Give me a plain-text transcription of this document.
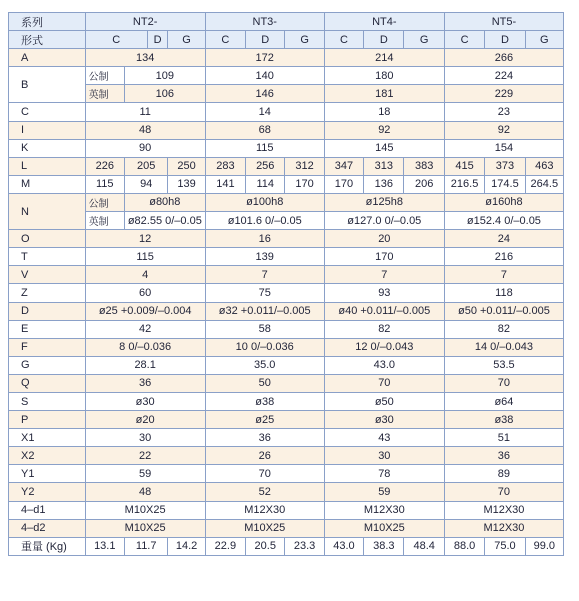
系列	NT2-				NT3-			NT4-			NT5-		
形式	C		D	G	C	D	G	C	D	G	C	D	G
A	134				172			214			266		
B	公制	109			140			180			224		
	英制	106			146			181			229		
C	11				14			18			23		
I	48				68			92			92		
K	90				115			145			154		
L	226	205		250	283	256	312	347	313	383	415	373	463
M	115	94		139	141	114	170	170	136	206	216.5	174.5	264.5
N	公制	ø80h8			ø100h8			ø125h8			ø160h8		
	英制	ø82.55 0/–0.05			ø101.6 0/–0.05			ø127.0 0/–0.05			ø152.4 0/–0.05		
O	12				16			20			24		
T	115				139			170			216		
V	4				7			7			7		
Z	60				75			93			118		
D	ø25 +0.009/–0.004				ø32 +0.011/–0.005			ø40 +0.011/–0.005			ø50 +0.011/–0.005		
E	42				58			82			82		
F	8 0/–0.036				10 0/–0.036			12 0/–0.043			14 0/–0.043		
G	28.1				35.0			43.0			53.5		
Q	36				50			70			70		
S	ø30				ø38			ø50			ø64		
P	ø20				ø25			ø30			ø38		
X1	30				36			43			51		
X2	22				26			30			36		
Y1	59				70			78			89		
Y2	48				52			59			70		
4–d1	M10X25				M12X30			M12X30			M12X30		
4–d2	M10X25				M10X25			M10X25			M12X30		
重量 (Kg)	13.1	11.7		14.2	22.9	20.5	23.3	43.0	38.3	48.4	88.0	75.0	99.0
